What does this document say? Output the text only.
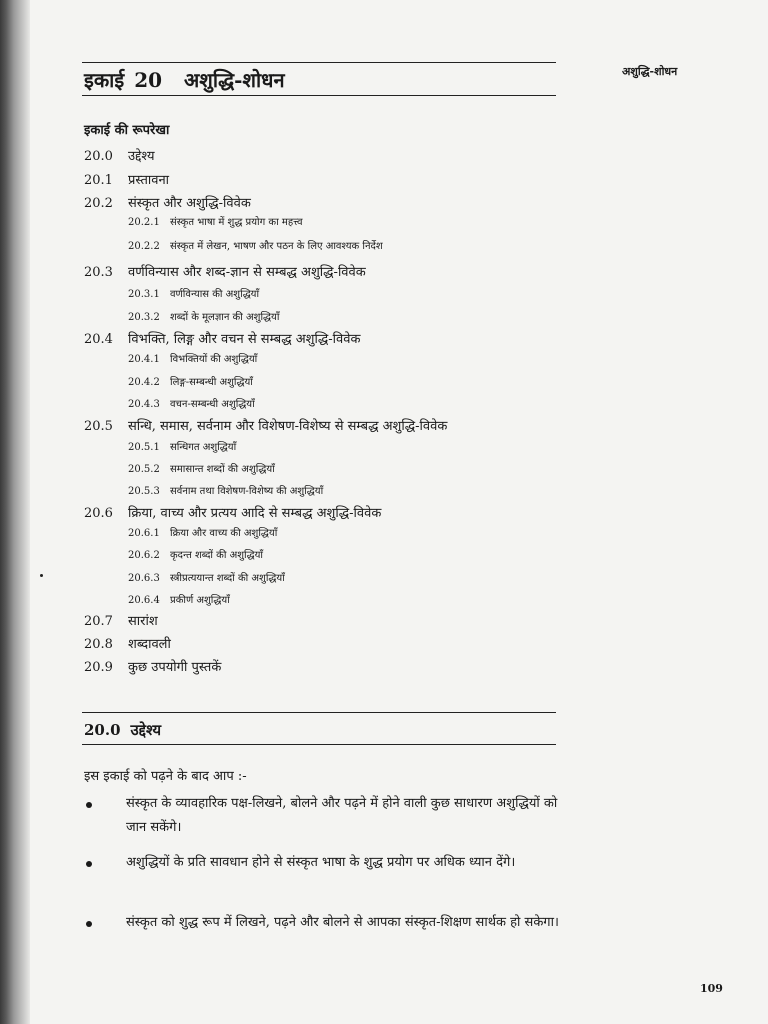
इकाई 20 अशुद्धि-शोधन	अशुद्धि-शोधन
इकाई की रूपरेखा
20.0 उद्देश्य
20.1 प्रस्तावना
20.2 संस्कृत और अशुद्धि-विवेक
20.2.1 संस्कृत भाषा में शुद्ध प्रयोग का महत्त्व
20.2.2 संस्कृत में लेखन, भाषण और पठन के लिए आवश्यक निर्देश
20.3 वर्णविन्यास और शब्द-ज्ञान से सम्बद्ध अशुद्धि-विवेक
20.3.1 वर्णविन्यास की अशुद्धियाँ
20.3.2 शब्दों के मूलज्ञान की अशुद्धियाँ
20.4 विभक्ति, लिङ्ग और वचन से सम्बद्ध अशुद्धि-विवेक
20.4.1 विभक्तियों की अशुद्धियाँ
20.4.2 लिङ्ग-सम्बन्धी अशुद्धियाँ
20.4.3 वचन-सम्बन्धी अशुद्धियाँ
20.5 सन्धि, समास, सर्वनाम और विशेषण-विशेष्य से सम्बद्ध अशुद्धि-विवेक
20.5.1 सन्धिगत अशुद्धियाँ
20.5.2 समासान्त शब्दों की अशुद्धियाँ
20.5.3 सर्वनाम तथा विशेषण-विशेष्य की अशुद्धियाँ
20.6 क्रिया, वाच्य और प्रत्यय आदि से सम्बद्ध अशुद्धि-विवेक
20.6.1 क्रिया और वाच्य की अशुद्धियाँ
20.6.2 कृदन्त शब्दों की अशुद्धियाँ
20.6.3 स्त्रीप्रत्ययान्त शब्दों की अशुद्धियाँ
20.6.4 प्रकीर्ण अशुद्धियाँ
20.7 सारांश
20.8 शब्दावली
20.9 कुछ उपयोगी पुस्तकें
20.0 उद्देश्य
इस इकाई को पढ़ने के बाद आप :-
संस्कृत के व्यावहारिक पक्ष-लिखने, बोलने और पढ़ने में होने वाली कुछ साधारण अशुद्धियों को जान सकेंगे।
अशुद्धियों के प्रति सावधान होने से संस्कृत भाषा के शुद्ध प्रयोग पर अधिक ध्यान देंगे।
संस्कृत को शुद्ध रूप में लिखने, पढ़ने और बोलने से आपका संस्कृत-शिक्षण सार्थक हो सकेगा।
109
